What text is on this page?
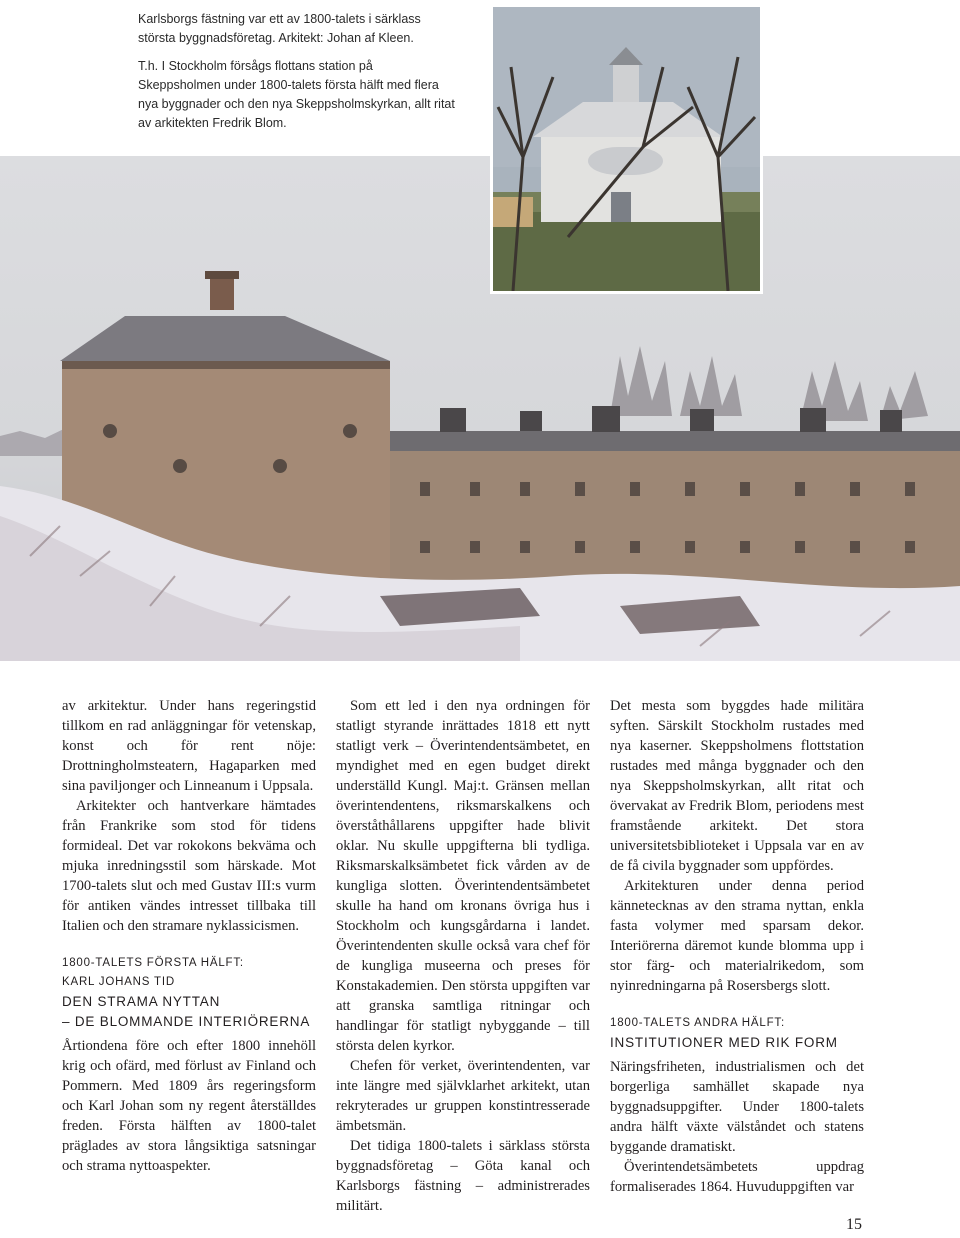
Karlsborgs fästning var ett av 1800-talets i särklass största byggnadsföretag. Arkitekt: Johan af Kleen.

T.h. I Stockholm försågs flottans station på Skeppsholmen under 1800-talets första hälft med flera nya byggnader och den nya Skeppsholmskyrkan, allt ritat av arkitekten Fredrik Blom.

av arkitektur. Under hans regeringstid tillkom en rad anläggningar för vetenskap, konst och för rent nöje: Drottningholmsteatern, Hagaparken med sina paviljonger och Linneanum i Uppsala.

Arkitekter och hantverkare hämtades från Frankrike som stod för tidens formideal. Det var rokokons bekväma och mjuka inredningsstil som härskade. Mot 1700-talets slut och med Gustav III:s vurm för antiken vändes intresset tillbaka till Italien och den stramare nyklassicismen.

1800-TALETS FÖRSTA HÄLFT:
KARL JOHANS TID
DEN STRAMA NYTTAN
– DE BLOMMANDE INTERIÖRERNA

Årtiondena före och efter 1800 innehöll krig och ofärd, med förlust av Finland och Pommern. Med 1809 års regeringsform och Karl Johan som ny regent återställdes freden. Första hälften av 1800-talet präglades av stora långsiktiga satsningar och strama nyttoaspekter.

Som ett led i den nya ordningen för statligt styrande inrättades 1818 ett nytt statligt verk – Överintendentsämbetet, en myndighet med en egen budget direkt underställd Kungl. Maj:t. Gränsen mellan överintendentens, riksmarskalkens och överståthållarens uppgifter hade blivit oklar. Nu skulle uppgifterna bli tydliga. Riksmarskalksämbetet fick vården av de kungliga slotten. Överintendentsämbetet skulle ha hand om kronans övriga hus i Stockholm och kungsgårdarna i landet. Överintendenten skulle också vara chef för de kungliga museerna och preses för Konstakademien. Den största uppgiften var att granska samtliga ritningar och handlingar för statligt nybyggande – till största delen kyrkor.

Chefen för verket, överintendenten, var inte längre med självklarhet arkitekt, utan rekryterades ur gruppen konstintresserade ämbetsmän.

Det tidiga 1800-talets i särklass största byggnadsföretag – Göta kanal och Karlsborgs fästning – administrerades militärt.

Det mesta som byggdes hade militära syften. Särskilt Stockholm rustades med nya kaserner. Skeppsholmens flottstation rustades med många byggnader och den nya Skeppsholmskyrkan, allt ritat och övervakat av Fredrik Blom, periodens mest framstående arkitekt. Det stora universitetsbiblioteket i Uppsala var en av de få civila byggnader som uppfördes.

Arkitekturen under denna period kännetecknas av den strama nyttan, enkla fasta volymer med sparsam dekor. Interiörerna däremot kunde blomma upp i stor färg- och materialrikedom, som nyinredningarna på Rosersbergs slott.

1800-TALETS ANDRA HÄLFT:
INSTITUTIONER MED RIK FORM

Näringsfriheten, industrialismen och det borgerliga samhället skapade nya byggnadsuppgifter. Under 1800-talets andra hälft växte välståndet och statens byggande dramatiskt.

Överintendetsämbetets uppdrag formaliserades 1864. Huvuduppgiften var

15
